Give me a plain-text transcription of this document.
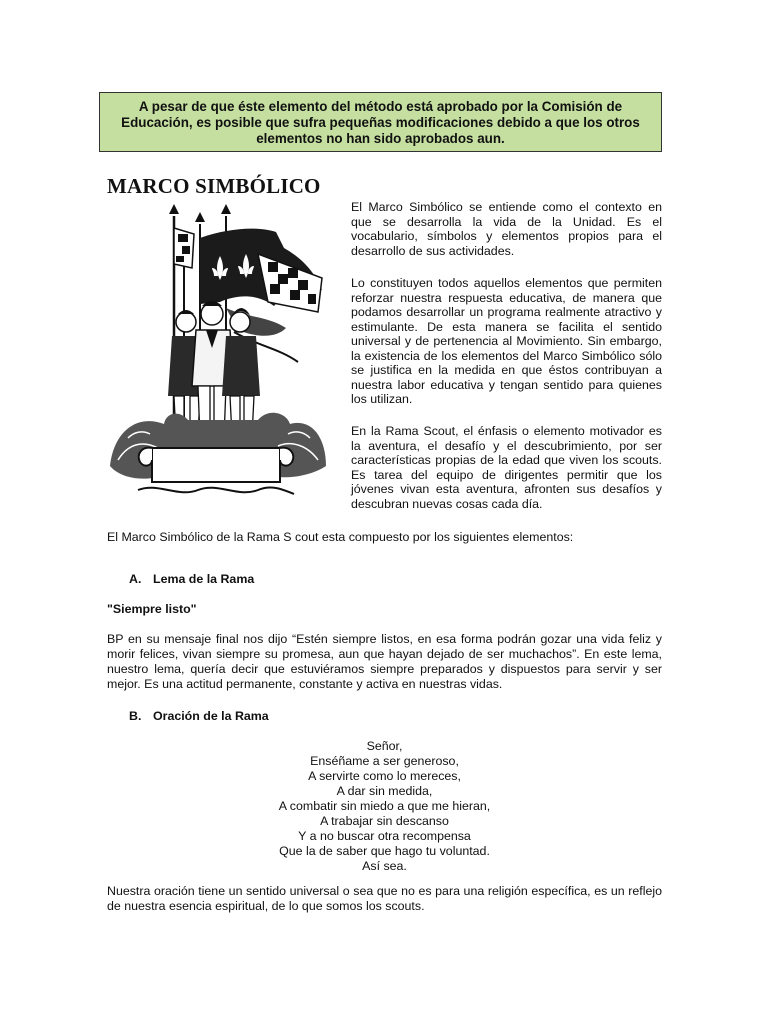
A pesar de que éste elemento del método está aprobado por la Comisión de
Educación, es posible que sufra pequeñas modificaciones debido a que los otros
elementos no han sido aprobados aun.
MARCO SIMBÓLICO

El Marco Simbólico se entiende como el contexto en que se desarrolla la vida de la Unidad. Es el vocabulario, símbolos y elementos propios para el desarrollo de sus actividades.

Lo constituyen todos aquellos elementos que permiten reforzar nuestra respuesta educativa, de manera que podamos desarrollar un programa realmente atractivo y estimulante. De esta manera se facilita el sentido universal y de pertenencia al Movimiento. Sin embargo, la existencia de los elementos del Marco Simbólico sólo se justifica en la medida en que éstos contribuyan a nuestra labor educativa y tengan sentido para quienes los utilizan.

En la Rama Scout, el énfasis o elemento motivador es la aventura, el desafío y el descubrimiento, por ser características propias de la edad que viven los scouts. Es tarea del equipo de dirigentes permitir que los jóvenes vivan esta aventura, afronten sus desafíos y descubran nuevas cosas cada día.

El Marco Simbólico de la Rama S cout esta compuesto por los siguientes elementos:

A. Lema de la Rama
"Siempre listo"

BP en su mensaje final nos dijo “Estén siempre listos, en esa forma podrán gozar una vida feliz y morir felices, vivan siempre su promesa, aun que hayan dejado de ser muchachos”. En este lema, nuestro lema, quería decir que estuviéramos siempre preparados y dispuestos para servir y ser mejor. Es una actitud permanente, constante y activa en nuestras vidas.

B. Oración de la Rama
Señor,
Enséñame a ser generoso,
A servirte como lo mereces,
A dar sin medida,
A combatir sin miedo a que me hieran,
A trabajar sin descanso
Y a no buscar otra recompensa
Que la de saber que hago tu voluntad.
Así sea.

Nuestra oración tiene un sentido universal o sea que no es para una religión específica, es un reflejo de nuestra esencia espiritual, de lo que somos los scouts.
